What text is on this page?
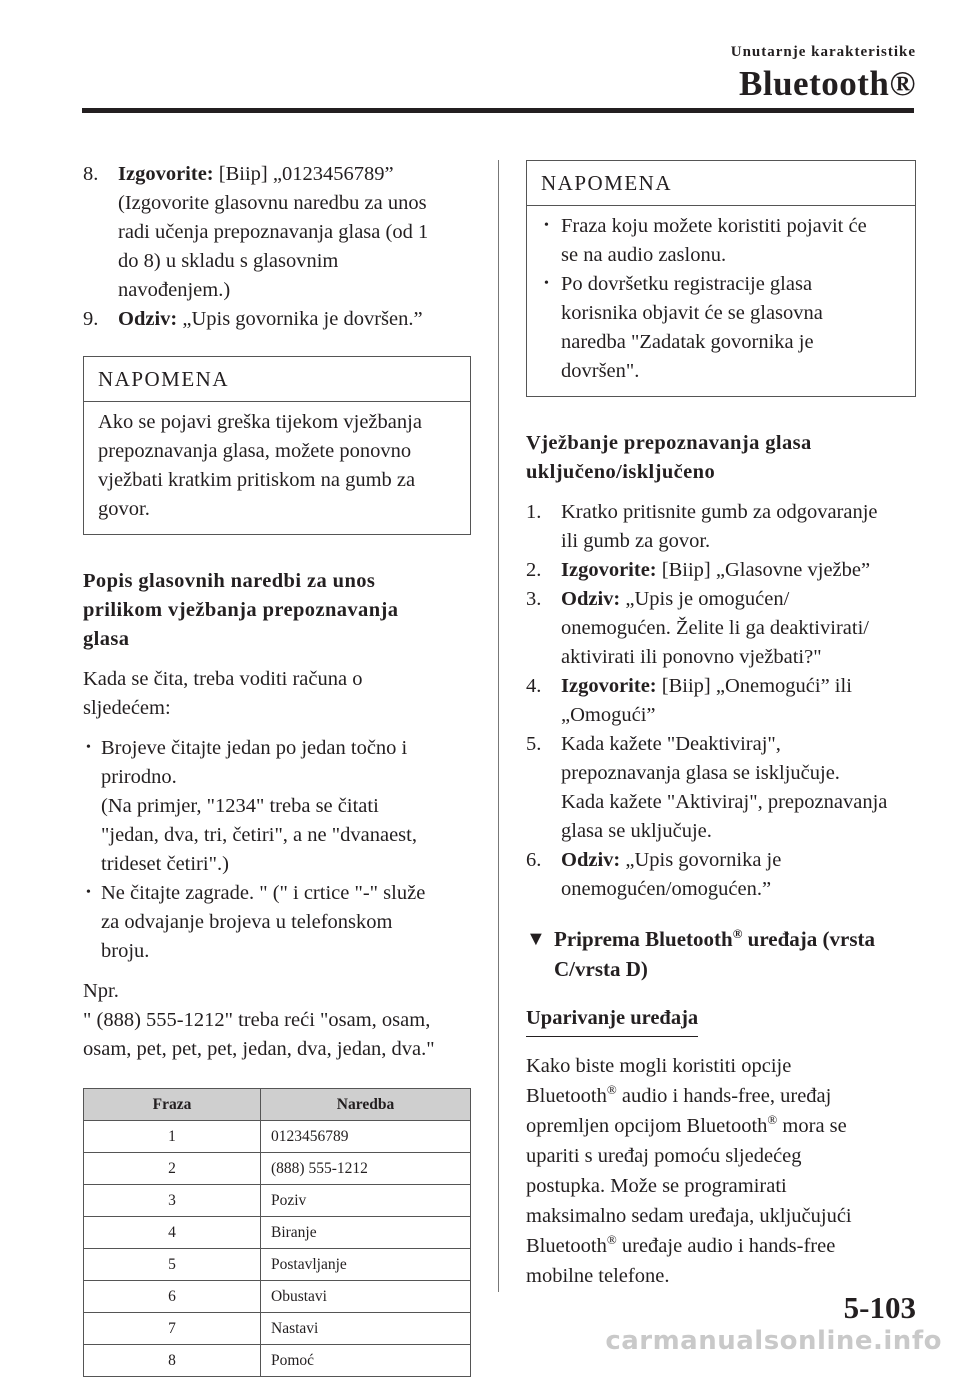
Unutarnje karakteristike
Bluetooth®
8. Izgovorite: [Biip] „0123456789”
(Izgovorite glasovnu naredbu za unos
radi učenja prepoznavanja glasa (od 1
do 8) u skladu s glasovnim
navođenjem.)
9. Odziv: „Upis govornika je dovršen.”
NAPOMENA
Ako se pojavi greška tijekom vježbanja
prepoznavanja glasa, možete ponovno
vježbati kratkim pritiskom na gumb za
govor.
Popis glasovnih naredbi za unos
prilikom vježbanja prepoznavanja
glasa
Kada se čita, treba voditi računa o
sljedećem:
• Brojeve čitajte jedan po jedan točno i
prirodno.
(Na primjer, "1234" treba se čitati
"jedan, dva, tri, četiri", a ne "dvanaest,
trideset četiri".)
• Ne čitajte zagrade. " (" i crtice "-" služe
za odvajanje brojeva u telefonskom
broju.
Npr.
" (888) 555-1212" treba reći "osam, osam,
osam, pet, pet, pet, jedan, dva, jedan, dva."
Fraza	Naredba
1	0123456789
2	(888) 555-1212
3	Poziv
4	Biranje
5	Postavljanje
6	Obustavi
7	Nastavi
8	Pomoć
NAPOMENA
• Fraza koju možete koristiti pojavit će
se na audio zaslonu.
• Po dovršetku registracije glasa
korisnika objavit će se glasovna
naredba "Zadatak govornika je
dovršen".
Vježbanje prepoznavanja glasa
uključeno/isključeno
1. Kratko pritisnite gumb za odgovaranje
ili gumb za govor.
2. Izgovorite: [Biip] „Glasovne vježbe”
3. Odziv: „Upis je omogućen/
onemogućen. Želite li ga deaktivirati/
aktivirati ili ponovno vježbati?"
4. Izgovorite: [Biip] „Onemogući” ili
„Omogući”
5. Kada kažete "Deaktiviraj",
prepoznavanja glasa se isključuje.
Kada kažete "Aktiviraj", prepoznavanja
glasa se uključuje.
6. Odziv: „Upis govornika je
onemogućen/omogućen.”
▼ Priprema Bluetooth® uređaja (vrsta
C/vrsta D)
Uparivanje uređaja
Kako biste mogli koristiti opcije
Bluetooth® audio i hands-free, uređaj
opremljen opcijom Bluetooth® mora se
upariti s uređaj pomoću sljedećeg
postupka. Može se programirati
maksimalno sedam uređaja, uključujući
Bluetooth® uređaje audio i hands-free
mobilne telefone.
5-103
carmanualsonline.info
